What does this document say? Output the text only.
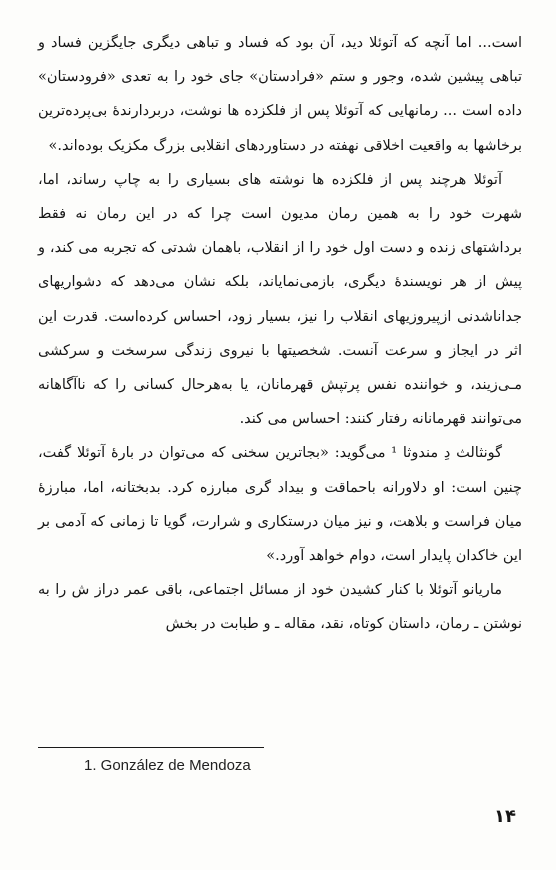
است... اما آنچه که آتوئلا دید، آن بود که فساد و تباهی دیگری جایگزین فساد و تباهی پیشین شده، وجور و ستم «فرادستان» جای خود را به تعدی «فرودستان» داده است ... رمانهایی که آتوئلا پس از فلکزده ها نوشت، دربردارندهٔ بی‌پرده‌ترین برخاشها به واقعیت اخلاقی نهفته در دستاوردهای انقلابی بزرگ مکزیک بوده‌اند.»

آتوئلا هرچند پس از فلکزده ها نوشته های بسیاری را به چاپ رساند، اما، شهرت خود را به همین رمان مدیون است چرا که در این رمان نه فقط برداشتهای زنده و دست اول خود را از انقلاب، باهمان شدتی که تجربه می کند، و پیش از هر نویسندهٔ دیگری، بازمی‌نمایاند، بلکه نشان می‌دهد که دشواریهای جدانا‌شدنی ازپیروزیهای انقلاب را نیز، بسیار زود، احساس کرده‌است. قدرت این اثر در ایجاز و سرعت آنست. شخصیتها با نیروی زندگی سرسخت و سرکشی مـی‌زیند، و خواننده نفس پرتپش قهرمانان، یا به‌هرحال کسانی را که ناآگاهانه می‌توانند قهرمانانه رفتار کنند: احساس می کند.

گونثالث دِ مندوثا ¹ می‌گوید: «بجاترین سخنی که می‌توان در بارهٔ آتوئلا گفت، چنین است: او دلاورانه باحماقت و بیداد گری مبارزه کرد. بدبختانه، اما، مبارزهٔ میان فراست و بلاهت، و نیز میان درستکاری و شرارت، گویا تا زمانی که آدمی بر این خاکدان پایدار است، دوام خواهد آورد.»

ماریانو آتوئلا با کنار کشیدن خود از مسائل اجتماعی، باقی عمر دراز ش را به نوشتن ـ رمان، داستان کوتاه، نقد، مقاله ـ و طبابت در بخش

1. González de Mendoza
۱۴
